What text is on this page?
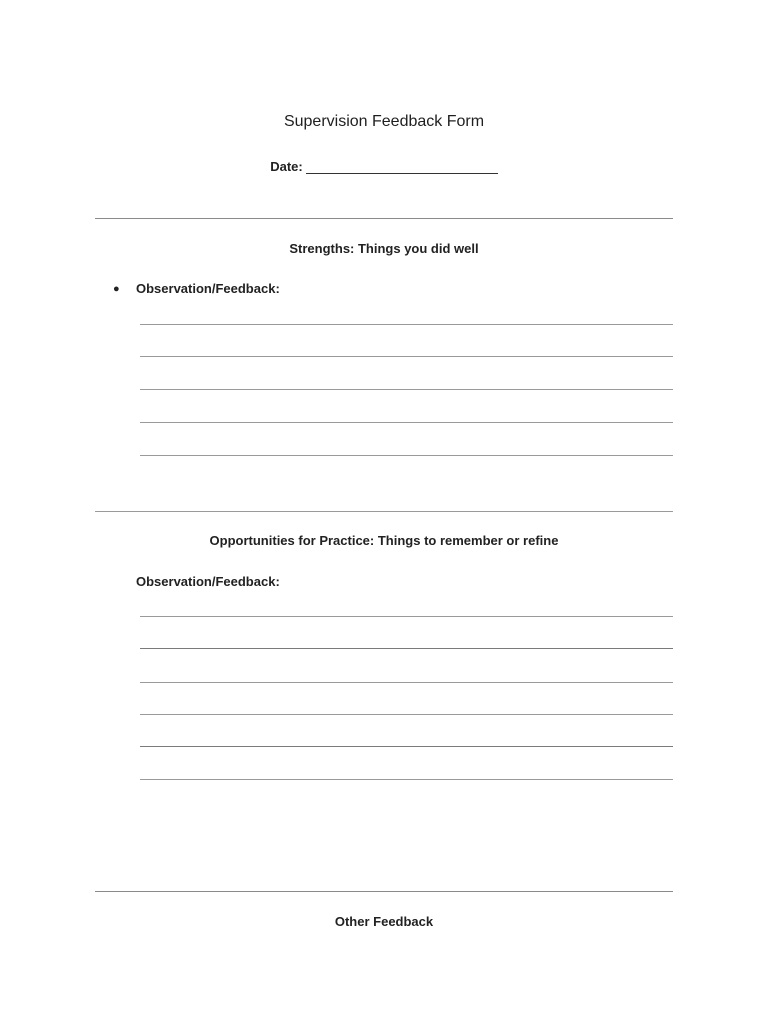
Supervision Feedback Form
Date:
Strengths: Things you did well
● Observation/Feedback:
Opportunities for Practice: Things to remember or refine
Observation/Feedback:
Other Feedback
